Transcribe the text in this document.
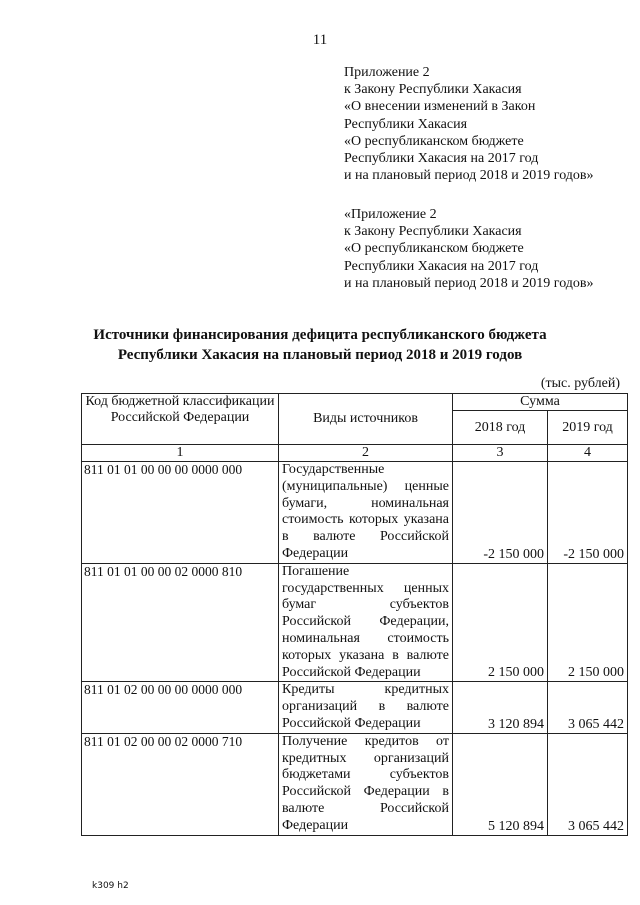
11
Приложение 2
к Закону Республики Хакасия
«О внесении изменений в Закон
Республики Хакасия
«О республиканском бюджете
Республики Хакасия на 2017 год
и на плановый период 2018 и 2019 годов»
«Приложение 2
к Закону Республики Хакасия
«О республиканском бюджете
Республики Хакасия на 2017 год
и на плановый период 2018 и 2019 годов»
Источники финансирования дефицита республиканского бюджета
Республики Хакасия на плановый период 2018 и 2019 годов
(тыс. рублей)
Код бюджетной классификации Российской Федерации	Виды источников	Сумма	
		2018 год	2019 год
1	2	3	4
811 01 01 00 00 00 0000 000	Государственные (муниципальные) ценные бумаги, номинальная стоимость которых указана в валюте Российской Федерации	-2 150 000	-2 150 000
811 01 01 00 00 02 0000 810	Погашение государственных ценных бумаг субъектов Российской Федерации, номинальная стоимость которых указана в валюте Российской Федерации	2 150 000	2 150 000
811 01 02 00 00 00 0000 000	Кредиты кредитных организаций в валюте Российской Федерации	3 120 894	3 065 442
811 01 02 00 00 02 0000 710	Получение кредитов от кредитных организаций бюджетами субъектов Российской Федерации в валюте Российской Федерации	5 120 894	3 065 442
k309 h2
